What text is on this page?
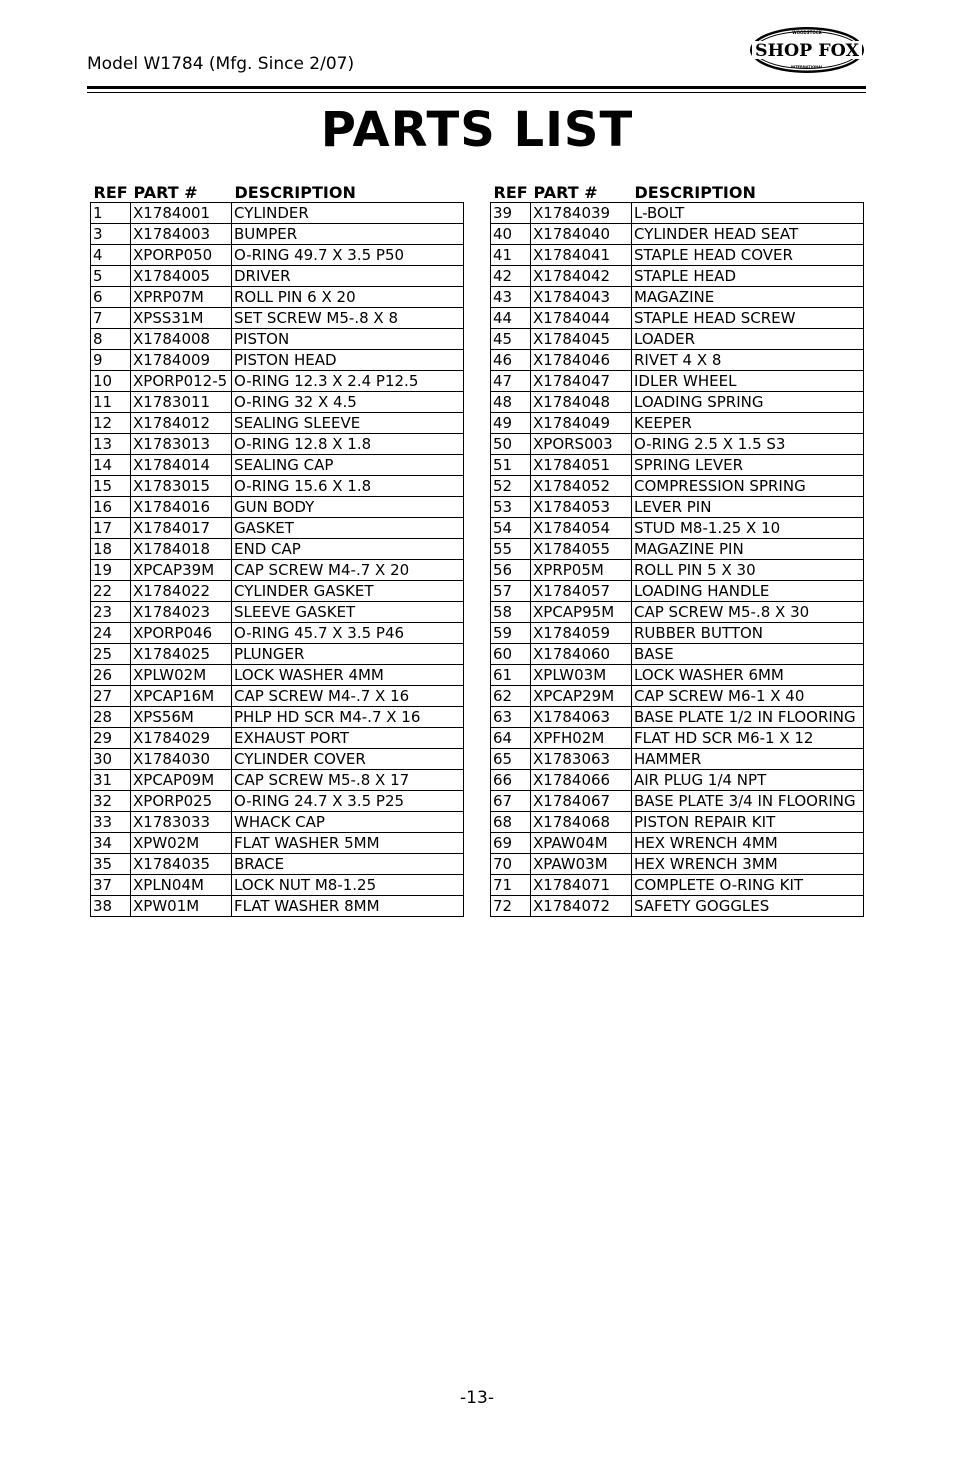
Model W1784 (Mfg. Since 2/07)
WOODSTOCK
SHOP FOX
INTERNATIONAL
PARTS LIST
REF	PART #	DESCRIPTION
1	X1784001	CYLINDER
3	X1784003	BUMPER
4	XPORP050	O-RING 49.7 X 3.5 P50
5	X1784005	DRIVER
6	XPRP07M	ROLL PIN 6 X 20
7	XPSS31M	SET SCREW M5-.8 X 8
8	X1784008	PISTON
9	X1784009	PISTON HEAD
10	XPORP012-5	O-RING 12.3 X 2.4 P12.5
11	X1783011	O-RING 32 X 4.5
12	X1784012	SEALING SLEEVE
13	X1783013	O-RING 12.8 X 1.8
14	X1784014	SEALING CAP
15	X1783015	O-RING 15.6 X 1.8
16	X1784016	GUN BODY
17	X1784017	GASKET
18	X1784018	END CAP
19	XPCAP39M	CAP SCREW M4-.7 X 20
22	X1784022	CYLINDER GASKET
23	X1784023	SLEEVE GASKET
24	XPORP046	O-RING 45.7 X 3.5 P46
25	X1784025	PLUNGER
26	XPLW02M	LOCK WASHER 4MM
27	XPCAP16M	CAP SCREW M4-.7 X 16
28	XPS56M	PHLP HD SCR M4-.7 X 16
29	X1784029	EXHAUST PORT
30	X1784030	CYLINDER COVER
31	XPCAP09M	CAP SCREW M5-.8 X 17
32	XPORP025	O-RING 24.7 X 3.5 P25
33	X1783033	WHACK CAP
34	XPW02M	FLAT WASHER 5MM
35	X1784035	BRACE
37	XPLN04M	LOCK NUT M8-1.25
38	XPW01M	FLAT WASHER 8MM
REF	PART #	DESCRIPTION
39	X1784039	L-BOLT
40	X1784040	CYLINDER HEAD SEAT
41	X1784041	STAPLE HEAD COVER
42	X1784042	STAPLE HEAD
43	X1784043	MAGAZINE
44	X1784044	STAPLE HEAD SCREW
45	X1784045	LOADER
46	X1784046	RIVET 4 X 8
47	X1784047	IDLER WHEEL
48	X1784048	LOADING SPRING
49	X1784049	KEEPER
50	XPORS003	O-RING 2.5 X 1.5 S3
51	X1784051	SPRING LEVER
52	X1784052	COMPRESSION SPRING
53	X1784053	LEVER PIN
54	X1784054	STUD M8-1.25 X 10
55	X1784055	MAGAZINE PIN
56	XPRP05M	ROLL PIN 5 X 30
57	X1784057	LOADING HANDLE
58	XPCAP95M	CAP SCREW M5-.8 X 30
59	X1784059	RUBBER BUTTON
60	X1784060	BASE
61	XPLW03M	LOCK WASHER 6MM
62	XPCAP29M	CAP SCREW M6-1 X 40
63	X1784063	BASE PLATE 1/2 IN FLOORING
64	XPFH02M	FLAT HD SCR M6-1 X 12
65	X1783063	HAMMER
66	X1784066	AIR PLUG 1/4 NPT
67	X1784067	BASE PLATE 3/4 IN FLOORING
68	X1784068	PISTON REPAIR KIT
69	XPAW04M	HEX WRENCH 4MM
70	XPAW03M	HEX WRENCH 3MM
71	X1784071	COMPLETE O-RING KIT
72	X1784072	SAFETY GOGGLES
-13-
